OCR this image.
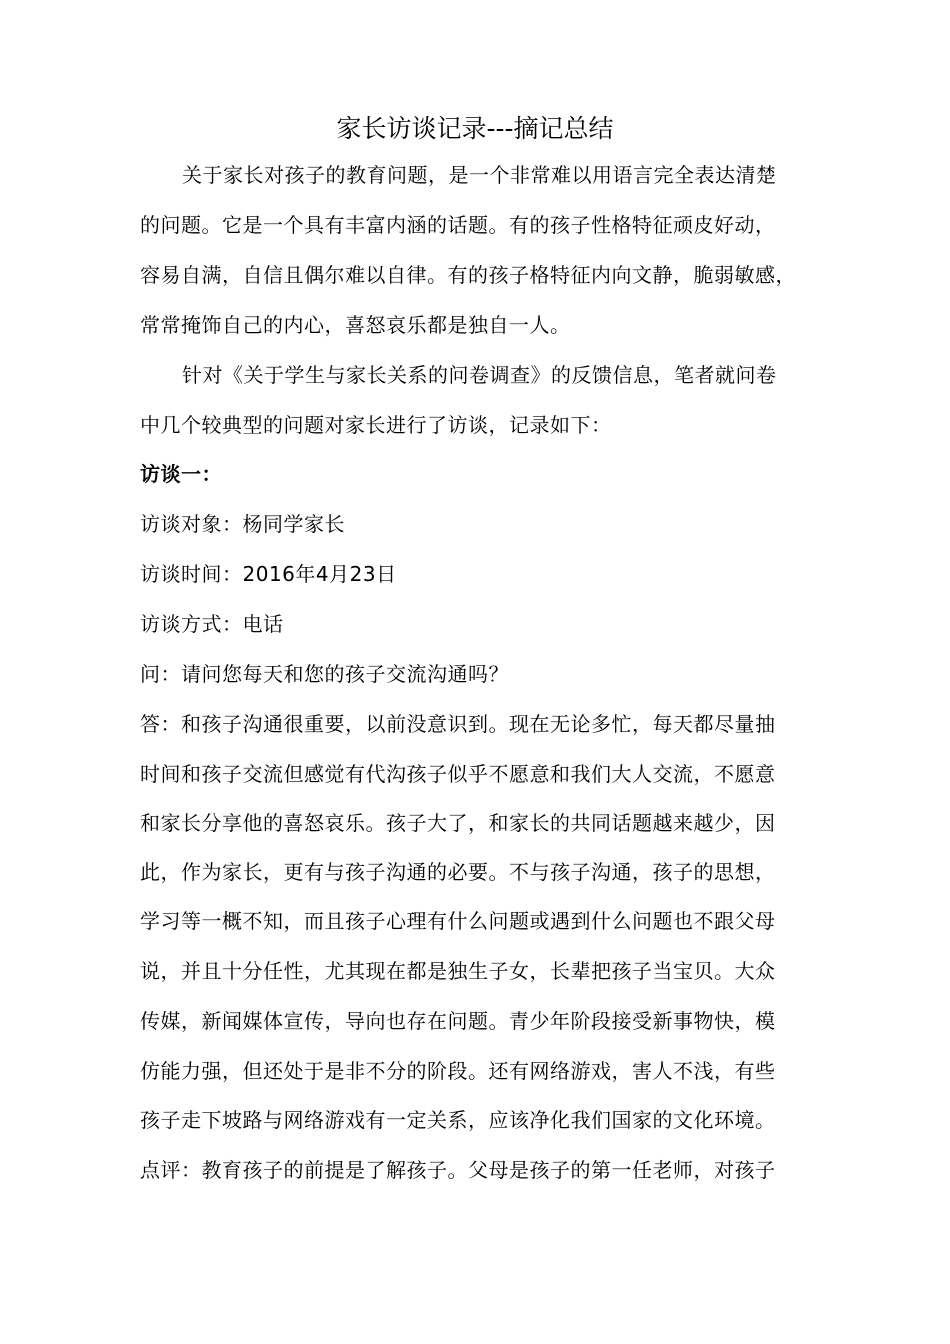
家长访谈记录---摘记总结
关于家长对孩子的教育问题，是一个非常难以用语言完全表达清楚
的问题。它是一个具有丰富内涵的话题。有的孩子性格特征顽皮好动，
容易自满，自信且偶尔难以自律。有的孩子格特征内向文静，脆弱敏感，
常常掩饰自己的内心，喜怒哀乐都是独自一人。
针对《关于学生与家长关系的问卷调查》的反馈信息，笔者就问卷
中几个较典型的问题对家长进行了访谈，记录如下：
访谈一：
访谈对象：杨同学家长
访谈时间：2016年4月23日
访谈方式：电话
问：请问您每天和您的孩子交流沟通吗？
答：和孩子沟通很重要，以前没意识到。现在无论多忙，每天都尽量抽
时间和孩子交流但感觉有代沟孩子似乎不愿意和我们大人交流，不愿意
和家长分享他的喜怒哀乐。孩子大了，和家长的共同话题越来越少，因
此，作为家长，更有与孩子沟通的必要。不与孩子沟通，孩子的思想，
学习等一概不知，而且孩子心理有什么问题或遇到什么问题也不跟父母
说，并且十分任性，尤其现在都是独生子女，长辈把孩子当宝贝。大众
传媒，新闻媒体宣传，导向也存在问题。青少年阶段接受新事物快，模
仿能力强，但还处于是非不分的阶段。还有网络游戏，害人不浅，有些
孩子走下坡路与网络游戏有一定关系，应该净化我们国家的文化环境。
点评：教育孩子的前提是了解孩子。父母是孩子的第一任老师，对孩子
